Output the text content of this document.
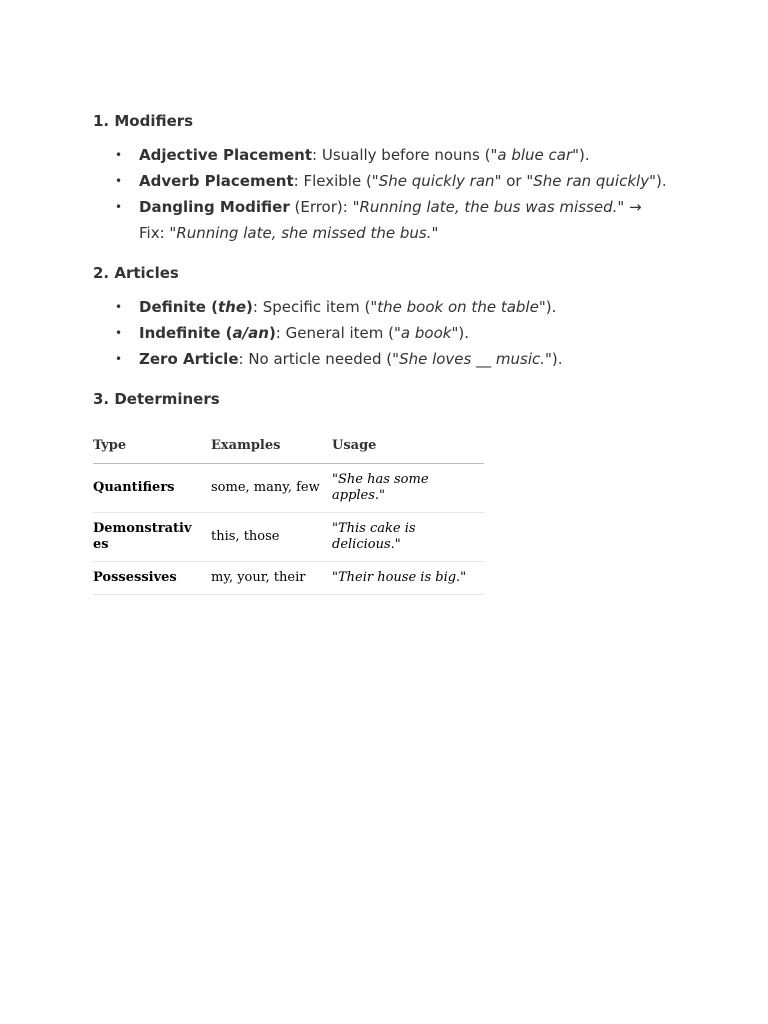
1. Modifiers
• Adjective Placement: Usually before nouns ("a blue car").
• Adverb Placement: Flexible ("She quickly ran" or "She ran quickly").
• Dangling Modifier (Error): "Running late, the bus was missed." → Fix: "Running late, she missed the bus."
2. Articles
• Definite (the): Specific item ("the book on the table").
• Indefinite (a/an): General item ("a book").
• Zero Article: No article needed ("She loves __ music.").
3. Determiners
Type	Examples	Usage
Quantifiers	some, many, few	"She has some apples."

Demonstratives	this, those	"This cake is delicious."
Possessives	my, your, their	"Their house is big."
